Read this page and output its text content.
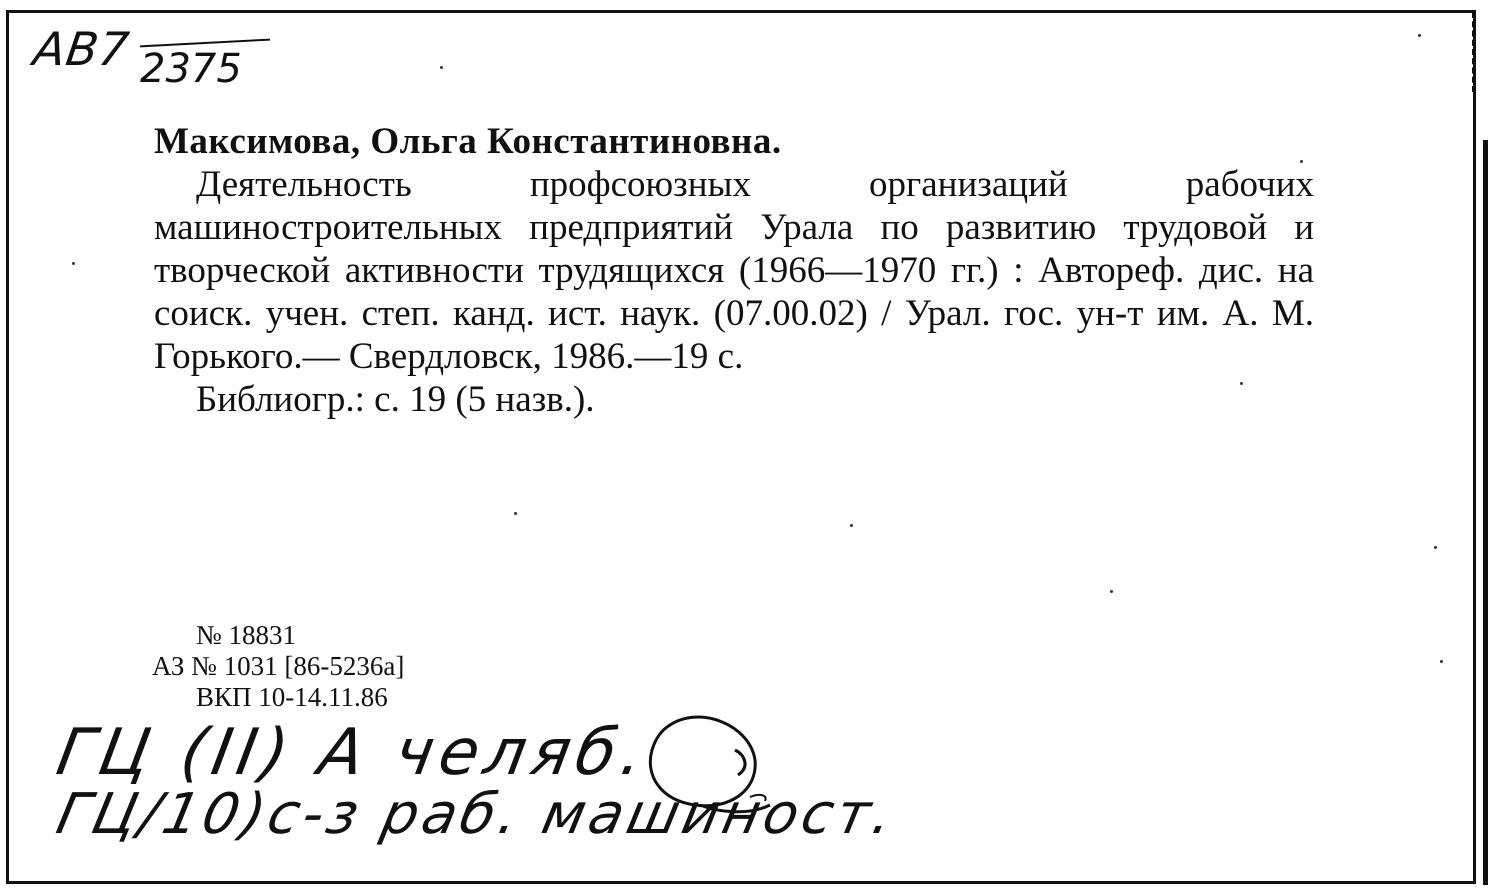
АВ7 2375

Максимова, Ольга Константиновна.

Деятельность профсоюзных организаций рабочих машиностроительных предприятий Урала по развитию трудовой и творческой активности трудящихся (1966—1970 гг.) : Автореф. дис. на соиск. учен. степ. канд. ист. наук. (07.00.02) / Урал. гос. ун-т им. А. М. Горького.— Свердловск, 1986.—19 с.

Библиогр.: с. 19 (5 назв.).

№ 18831
АЗ № 1031 [86-5236а]
ВКП 10-14.11.86
ГЦ (II) А челяб.
ГЦ/10)с-з раб. машиност.
